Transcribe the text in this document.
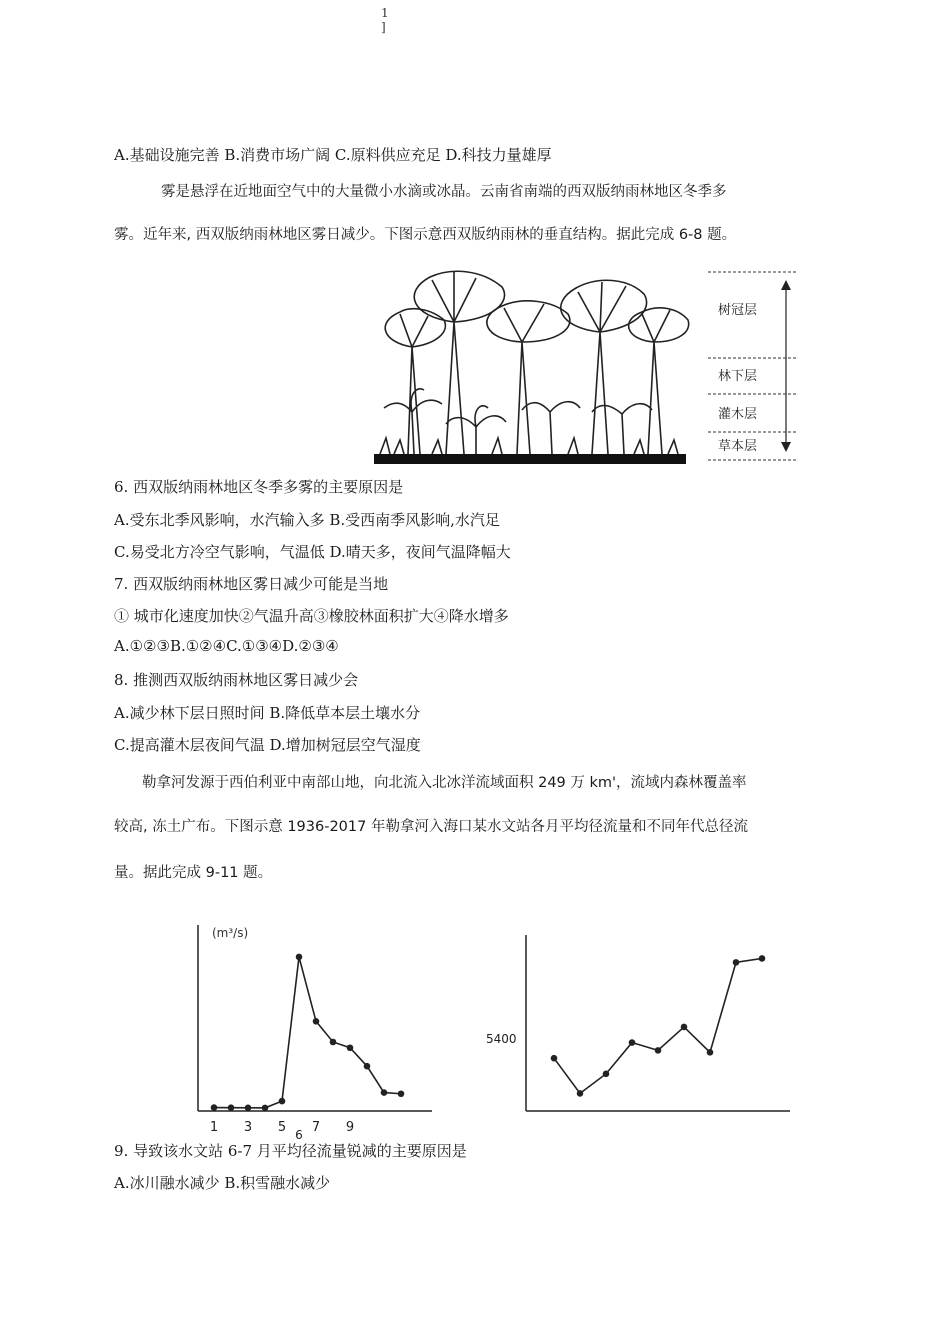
1
]
A.基础设施完善 B.消费市场广阔 C.原料供应充足 D.科技力量雄厚
雾是悬浮在近地面空气中的大量微小水滴或冰晶。云南省南端的西双版纳雨林地区冬季多
雾。近年来, 西双版纳雨林地区雾日减少。下图示意西双版纳雨林的垂直结构。据此完成 6-8 题。
树冠层
林下层
灌木层
草本层
6. 西双版纳雨林地区冬季多雾的主要原因是
A.受东北季风影响，水汽输入多 B.受西南季风影响,水汽足
C.易受北方冷空气影响，气温低 D.晴天多，夜间气温降幅大
7. 西双版纳雨林地区雾日减少可能是当地
① 城市化速度加快②气温升高③橡胶林面积扩大④降水增多
A.①②③B.①②④C.①③④D.②③④
8. 推测西双版纳雨林地区雾日减少会
A.减少林下层日照时间 B.降低草本层土壤水分
C.提高灌木层夜间气温 D.增加树冠层空气湿度
勒拿河发源于西伯利亚中南部山地，向北流入北冰洋流域面积 249 万 km'，流域内森林覆盖率
较高, 冻土广布。下图示意 1936-2017 年勒拿河入海口某水文站各月平均径流量和不同年代总径流
量。据此完成 9-11 题。
(m³/s)
1 3 5 7 9
6
5400
9. 导致该水文站 6-7 月平均径流量锐减的主要原因是
A.冰川融水减少 B.积雪融水减少
